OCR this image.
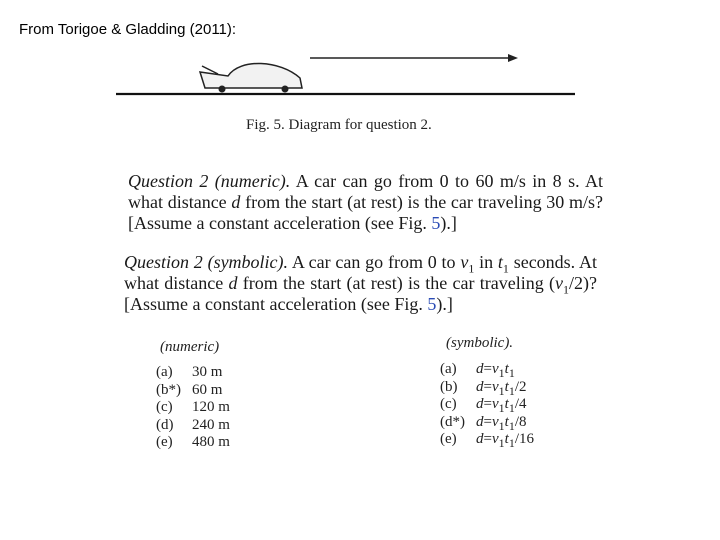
From Torigoe & Gladding (2011):
Fig. 5. Diagram for question 2.

Question 2 (numeric). A car can go from 0 to 60 m/s in 8 s. At what distance d from the start (at rest) is the car traveling 30 m/s? [Assume a constant acceleration (see Fig. 5).]

Question 2 (symbolic). A car can go from 0 to $v_1$ in $t_1$ seconds. At what distance d from the start (at rest) is the car traveling $(v_1/2)$? [Assume a constant acceleration (see Fig. 5).]

(numeric)
(a) 30 m
(b*) 60 m
(c) 120 m
(d) 240 m
(e) 480 m
(symbolic).
(a) $d=v_1t_1$
(b) $d=v_1t_1/2$
(c) $d=v_1t_1/4$
(d*) $d=v_1t_1/8$
(e) $d=v_1t_1/16$
